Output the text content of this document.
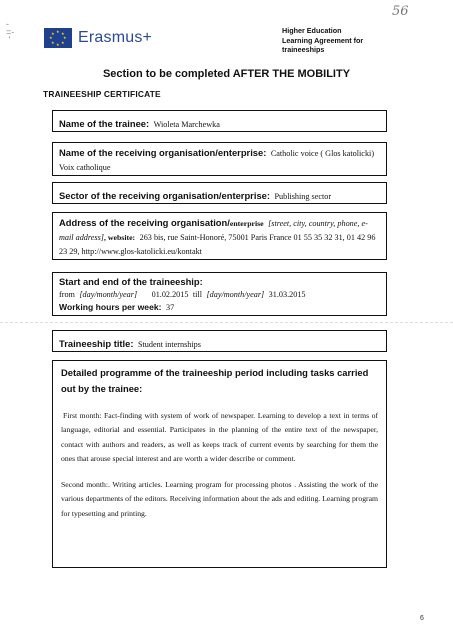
56
-
=-
'
★ ★
★
★
★
★
★
★ Erasmus+	Higher Education
Learning Agreement for
traineeships
Section to be completed AFTER THE MOBILITY
TRAINEESHIP CERTIFICATE
Name of the trainee: Wioleta Marchewka
Name of the receiving organisation/enterprise: Catholic voice ( Glos katolicki) Voix catholique
Sector of the receiving organisation/enterprise: Publishing sector
Address of the receiving organisation/enterprise [street, city, country, phone, e-mail address], website: 263 bis, rue Saint-Honoré, 75001 Paris France 01 55 35 32 31, 01 42 96 23 29, http://www.glos-katolicki.eu/kontakt
Start and end of the traineeship:
from [day/month/year] 01.02.2015 till [day/month/year] 31.03.2015
Working hours per week: 37
Traineeship title: Student internships
Detailed programme of the traineeship period including tasks carried out by the trainee:

First month: Fact-finding with system of work of newspaper. Learning to develop a text in terms of language, editorial and essential. Participates in the planning of the entire text of the newspaper, contact with authors and readers, as well as keeps track of current events by searching for them the ones that arouse special interest and are worth a wider describe or comment.

Second month:. Writing articles. Learning program for processing photos . Assisting the work of the various departments of the editors. Receiving information about the ads and editing. Learning program for typesetting and printing.

6
